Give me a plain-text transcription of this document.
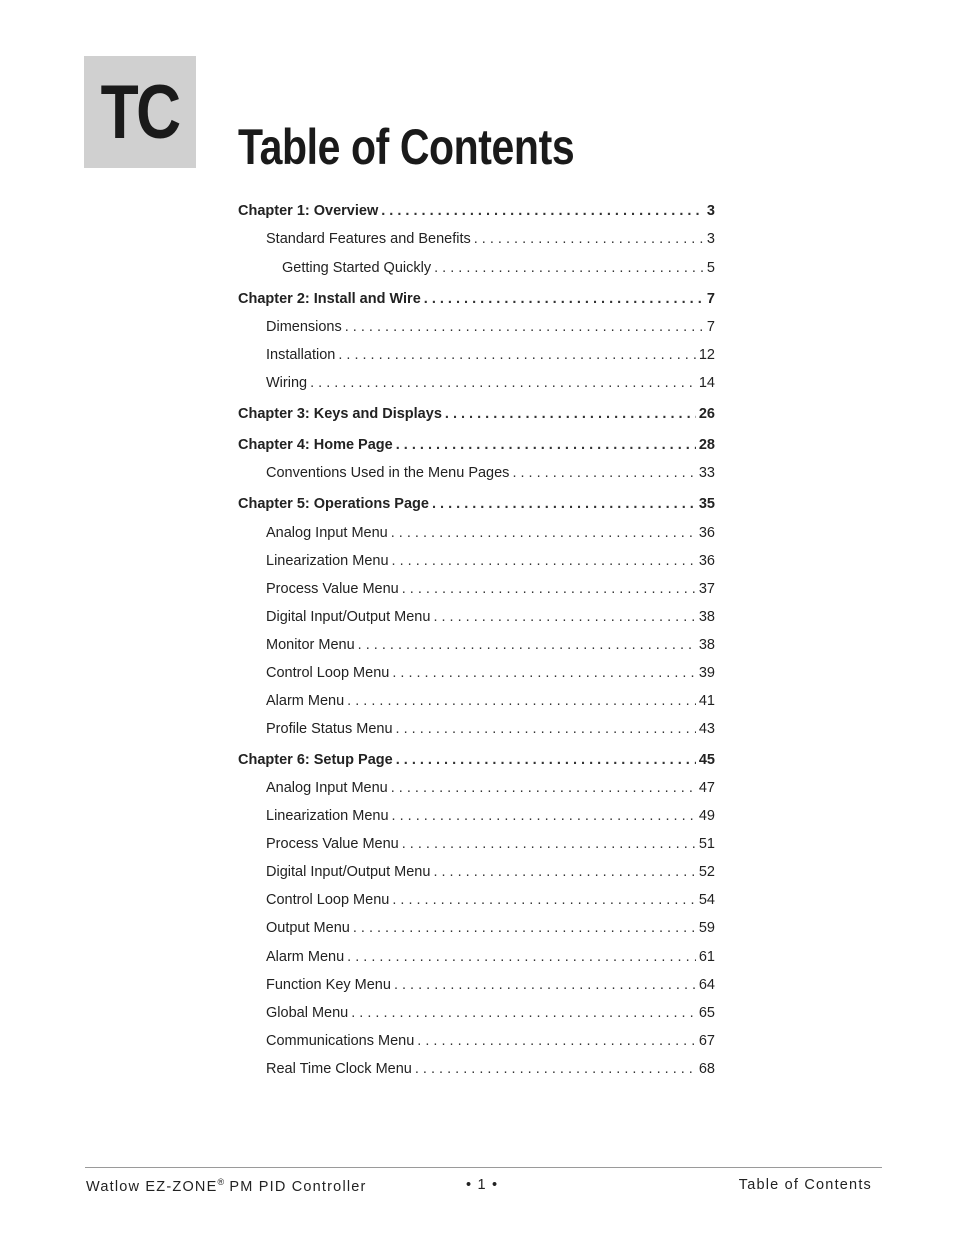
TC Table of Contents
Chapter 1: Overview . . .	3
Standard Features and Benefits . . .	3
Getting Started Quickly . . .	5
Chapter 2: Install and Wire . . .	7
Dimensions . . .	7
Installation . . .	12
Wiring . . .	14
Chapter 3: Keys and Displays . . .	26
Chapter 4: Home Page . . .	28
Conventions Used in the Menu Pages . . .	33
Chapter 5: Operations Page . . .	35
Analog Input Menu . . .	36
Linearization Menu . . .	36
Process Value Menu . . .	37
Digital Input/Output Menu . . .	38
Monitor Menu . . .	38
Control Loop Menu . . .	39
Alarm Menu . . .	41
Profile Status Menu . . .	43
Chapter 6: Setup Page . . .	45
Analog Input Menu . . .	47
Linearization Menu . . .	49
Process Value Menu . . .	51
Digital Input/Output Menu . . .	52
Control Loop Menu . . .	54
Output Menu . . .	59
Alarm Menu . . .	61
Function Key Menu . . .	64
Global Menu . . .	65
Communications Menu . . .	67
Real Time Clock Menu . . .	68
Watlow EZ-ZONE® PM PID Controller	• 1 •	Table of Contents
